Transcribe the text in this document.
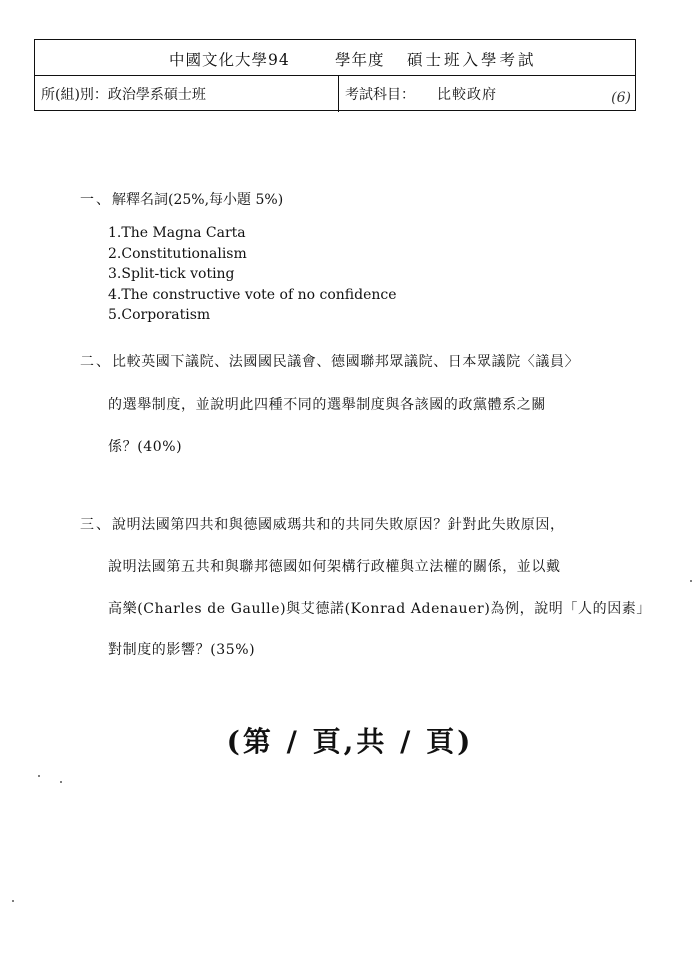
中國文化大學94	學年度 碩士班入學考試
所(組)別：政治學系碩士班	考試科目： 比較政府	(6)
一、解釋名詞(25%,每小題 5%)
1.The Magna Carta
2.Constitutionalism
3.Split-tick voting
4.The constructive vote of no confidence
5.Corporatism
二、比較英國下議院、法國國民議會、德國聯邦眾議院、日本眾議院〈議員〉
的選舉制度，並說明此四種不同的選舉制度與各該國的政黨體系之關
係？(40%)
三、說明法國第四共和與德國威瑪共和的共同失敗原因？針對此失敗原因，
說明法國第五共和與聯邦德國如何架構行政權與立法權的關係，並以戴
高樂(Charles de Gaulle)與艾德諾(Konrad Adenauer)為例，說明「人的因素」
對制度的影響？(35%)
(第 / 頁,共 / 頁)
